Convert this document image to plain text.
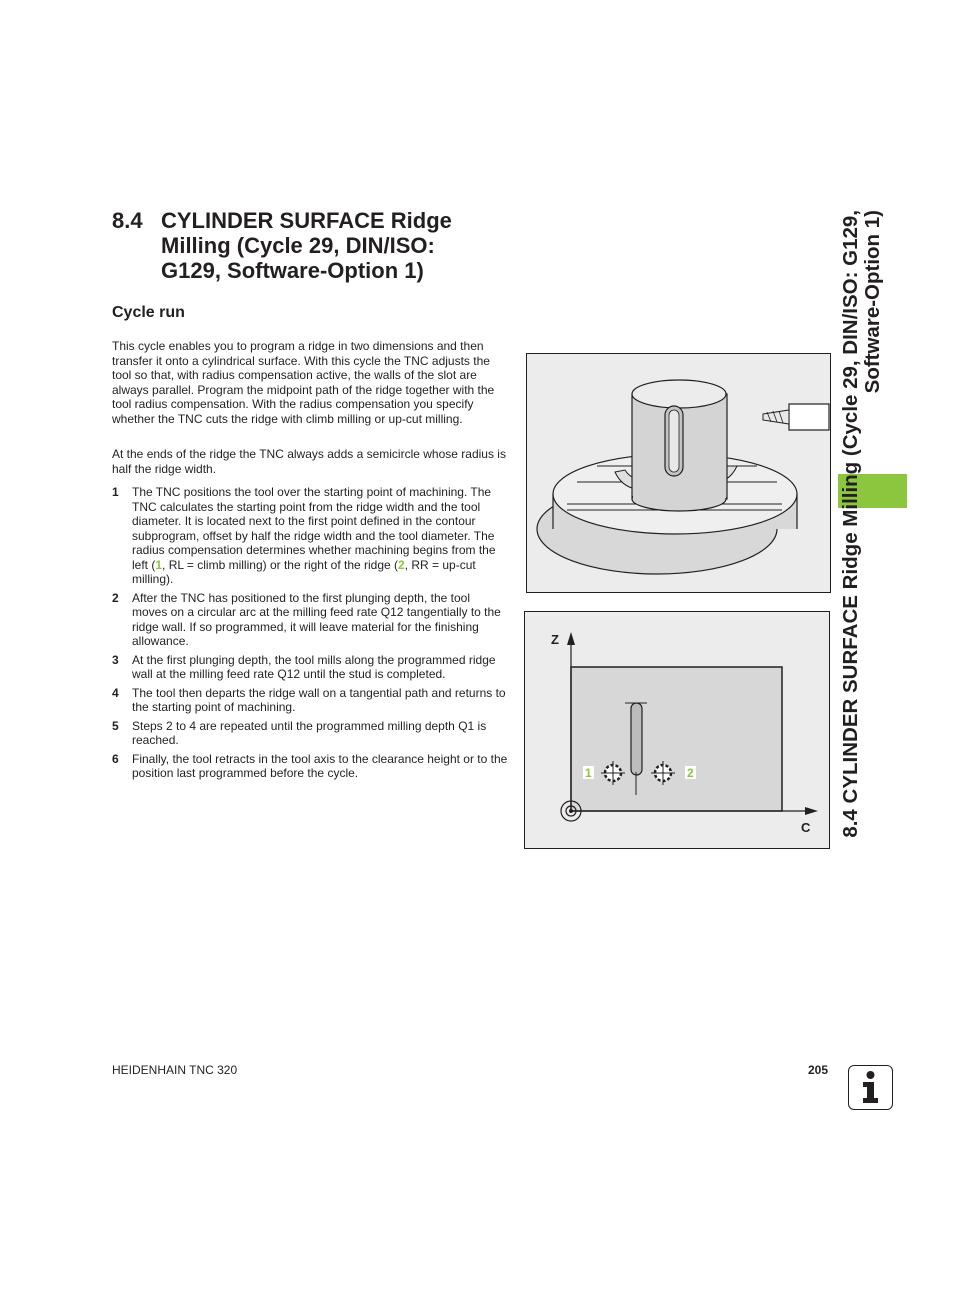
8.4 CYLINDER SURFACE Ridge
Milling (Cycle 29, DIN/ISO:
G129, Software-Option 1)
Cycle run
This cycle enables you to program a ridge in two dimensions and then transfer it onto a cylindrical surface. With this cycle the TNC adjusts the tool so that, with radius compensation active, the walls of the slot are always parallel. Program the midpoint path of the ridge together with the tool radius compensation. With the radius compensation you specify whether the TNC cuts the ridge with climb milling or up-cut milling.
At the ends of the ridge the TNC always adds a semicircle whose radius is half the ridge width.
1 The TNC positions the tool over the starting point of machining. The TNC calculates the starting point from the ridge width and the tool diameter. It is located next to the first point defined in the contour subprogram, offset by half the ridge width and the tool diameter. The radius compensation determines whether machining begins from the left (1, RL = climb milling) or the right of the ridge (2, RR = up-cut milling).
2 After the TNC has positioned to the first plunging depth, the tool moves on a circular arc at the milling feed rate Q12 tangentially to the ridge wall. If so programmed, it will leave material for the finishing allowance.
3 At the first plunging depth, the tool mills along the programmed ridge wall at the milling feed rate Q12 until the stud is completed.
4 The tool then departs the ridge wall on a tangential path and returns to the starting point of machining.
5 Steps 2 to 4 are repeated until the programmed milling depth Q1 is reached.
6 Finally, the tool retracts in the tool axis to the clearance height or to the position last programmed before the cycle.
Z
C
1	2	8.4 CYLINDER SURFACE Ridge Milling (Cycle 29, DIN/ISO: G129, Software-Option 1)
HEIDENHAIN TNC 320	205
